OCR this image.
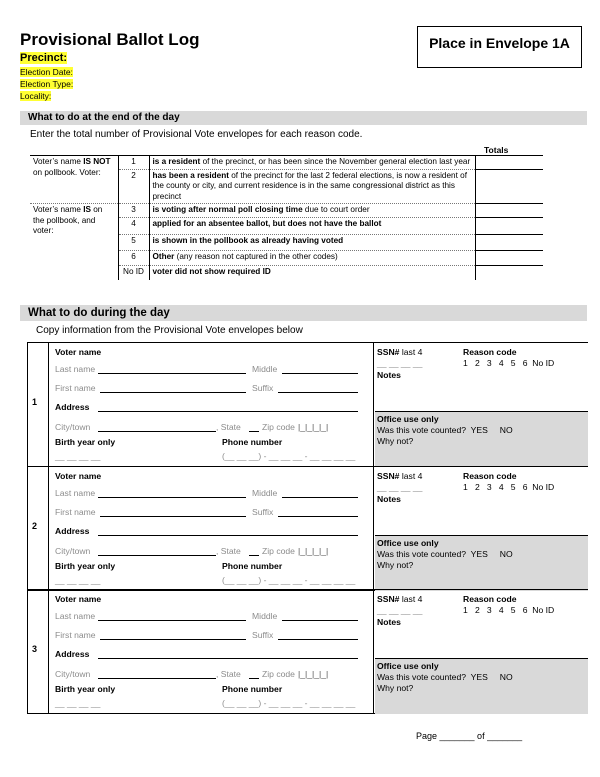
Provisional Ballot Log
Precinct:
Election Date:
Election Type:
Locality:
Place in Envelope 1A
What to do at the end of the day
Enter the total number of Provisional Vote envelopes for each reason code.
Totals
Voter’s name IS NOT on pollbook. Voter:	1	is a resident of the precinct, or has been since the November general election last year	
	2	has been a resident of the precinct for the last 2 federal elections, is now a resident of the county or city, and current residence is in the same congressional district as this precinct	
Voter’s name IS on the pollbook, and voter:	3	is voting after normal poll closing time due to court order	
	4	applied for an absentee ballot, but does not have the ballot	
	5	is shown in the pollbook as already having voted	
	6	Other (any reason not captured in the other codes)	
	No ID	voter did not show required ID	
What to do during the day
Copy information from the Provisional Vote envelopes below
1
Voter name
Last name	Middle
First name	Suffix
Address
City/town	, State Zip code |_|_|_|_|
Birth year only
__ __ __ __
Phone number
(__ __ __) - __ __ __ - __ __ __ __
SSN# last 4
__ __ __ __
Reason code
1   2   3   4   5   6  No ID
Notes
Office use only
Was this vote counted?  YES     NO
Why not?
2
Voter name
Last name	Middle
First name	Suffix
Address
City/town	, State Zip code |_|_|_|_|
Birth year only
__ __ __ __
Phone number
(__ __ __) - __ __ __ - __ __ __ __
SSN# last 4
__ __ __ __
Reason code
1   2   3   4   5   6  No ID
Notes
Office use only
Was this vote counted?  YES     NO
Why not?
3
Voter name
Last name	Middle
First name	Suffix
Address
City/town	, State Zip code |_|_|_|_|
Birth year only
__ __ __ __
Phone number
(__ __ __) - __ __ __ - __ __ __ __
SSN# last 4
__ __ __ __
Reason code
1   2   3   4   5   6  No ID
Notes
Office use only
Was this vote counted?  YES     NO
Why not?
Page _______ of _______
